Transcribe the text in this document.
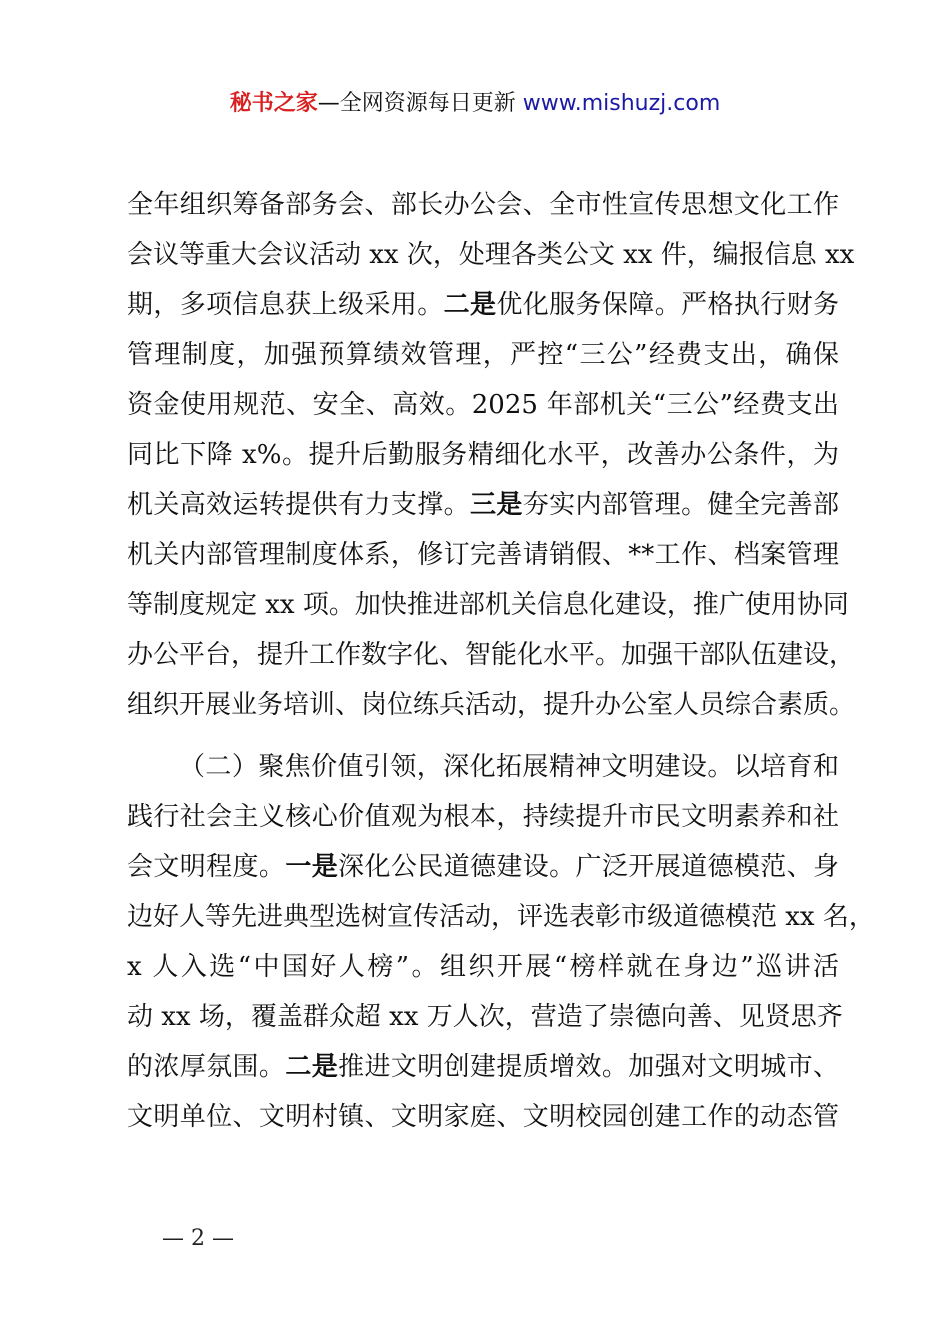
秘书之家—全网资源每日更新 www.mishuzj.com

全年组织筹备部务会、部长办公会、全市性宣传思想文化工作
会议等重大会议活动 xx 次，处理各类公文 xx 件，编报信息 xx
期，多项信息获上级采用。二是优化服务保障。严格执行财务
管理制度，加强预算绩效管理，严控“三公”经费支出，确保
资金使用规范、安全、高效。2025 年部机关“三公”经费支出
同比下降 x%。提升后勤服务精细化水平，改善办公条件，为
机关高效运转提供有力支撑。三是夯实内部管理。健全完善部
机关内部管理制度体系，修订完善请销假、**工作、档案管理
等制度规定 xx 项。加快推进部机关信息化建设，推广使用协同
办公平台，提升工作数字化、智能化水平。加强干部队伍建设，
组织开展业务培训、岗位练兵活动，提升办公室人员综合素质。

（二）聚焦价值引领，深化拓展精神文明建设。以培育和
践行社会主义核心价值观为根本，持续提升市民文明素养和社
会文明程度。一是深化公民道德建设。广泛开展道德模范、身
边好人等先进典型选树宣传活动，评选表彰市级道德模范 xx 名，
x 人入选“中国好人榜”。组织开展“榜样就在身边”巡讲活
动 xx 场，覆盖群众超 xx 万人次，营造了崇德向善、见贤思齐
的浓厚氛围。二是推进文明创建提质增效。加强对文明城市、
文明单位、文明村镇、文明家庭、文明校园创建工作的动态管

— 2 —
